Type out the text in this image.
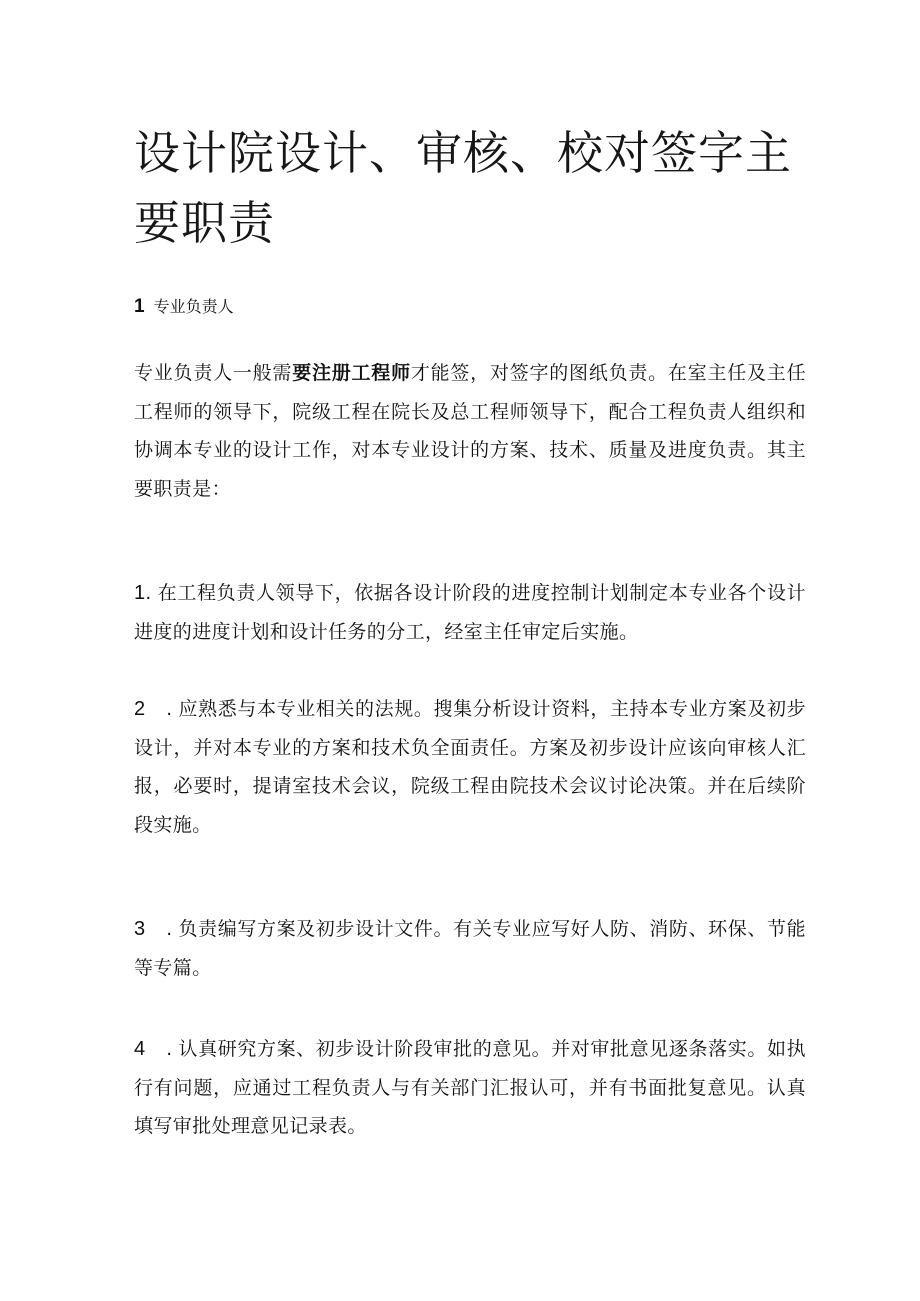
设计院设计、审核、校对签字主要职责
1 专业负责人

专业负责人一般需要注册工程师才能签，对签字的图纸负责。在室主任及主任工程师的领导下，院级工程在院长及总工程师领导下，配合工程负责人组织和协调本专业的设计工作，对本专业设计的方案、技术、质量及进度负责。其主要职责是：

1. 在工程负责人领导下，依据各设计阶段的进度控制计划制定本专业各个设计进度的进度计划和设计任务的分工，经室主任审定后实施。

2　. 应熟悉与本专业相关的法规。搜集分析设计资料，主持本专业方案及初步设计，并对本专业的方案和技术负全面责任。方案及初步设计应该向审核人汇报，必要时，提请室技术会议，院级工程由院技术会议讨论决策。并在后续阶段实施。

3　. 负责编写方案及初步设计文件。有关专业应写好人防、消防、环保、节能等专篇。

4　. 认真研究方案、初步设计阶段审批的意见。并对审批意见逐条落实。如执行有问题，应通过工程负责人与有关部门汇报认可，并有书面批复意见。认真填写审批处理意见记录表。
